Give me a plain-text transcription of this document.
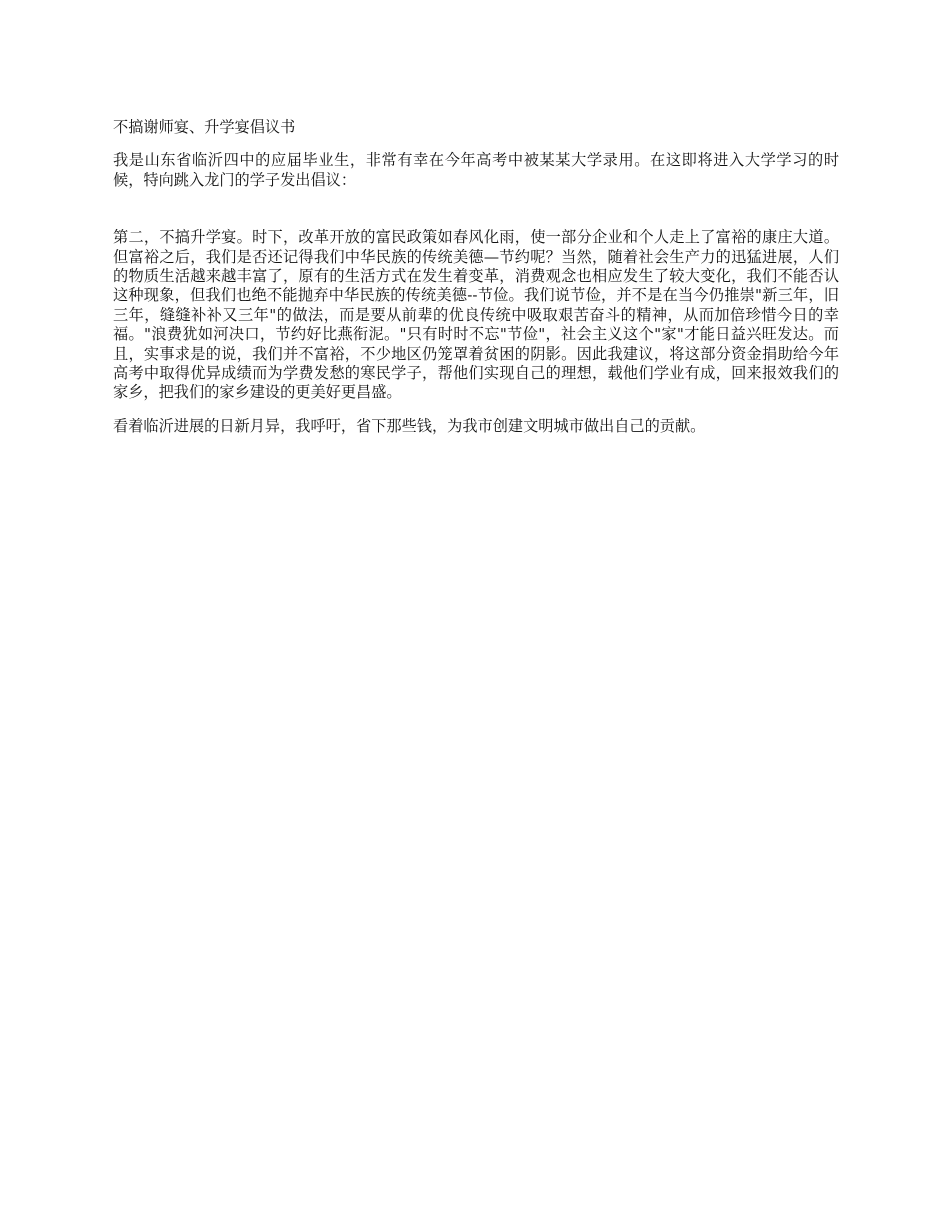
不搞谢师宴、升学宴倡议书

我是山东省临沂四中的应届毕业生，非常有幸在今年高考中被某某大学录用。在这即将进入大学学习的时候，特向跳入龙门的学子发出倡议：

第二，不搞升学宴。时下，改革开放的富民政策如春风化雨，使一部分企业和个人走上了富裕的康庄大道。但富裕之后，我们是否还记得我们中华民族的传统美德—节约呢？当然，随着社会生产力的迅猛进展，人们的物质生活越来越丰富了，原有的生活方式在发生着变革，消费观念也相应发生了较大变化，我们不能否认这种现象，但我们也绝不能抛弃中华民族的传统美德--节俭。我们说节俭，并不是在当今仍推崇"新三年，旧三年，缝缝补补又三年"的做法，而是要从前辈的优良传统中吸取艰苦奋斗的精神，从而加倍珍惜今日的幸福。"浪费犹如河决口，节约好比燕衔泥。"只有时时不忘"节俭"，社会主义这个"家"才能日益兴旺发达。而且，实事求是的说，我们并不富裕，不少地区仍笼罩着贫困的阴影。因此我建议，将这部分资金捐助给今年高考中取得优异成绩而为学费发愁的寒民学子，帮他们实现自己的理想，载他们学业有成，回来报效我们的家乡，把我们的家乡建设的更美好更昌盛。

看着临沂进展的日新月异，我呼吁，省下那些钱，为我市创建文明城市做出自己的贡献。
